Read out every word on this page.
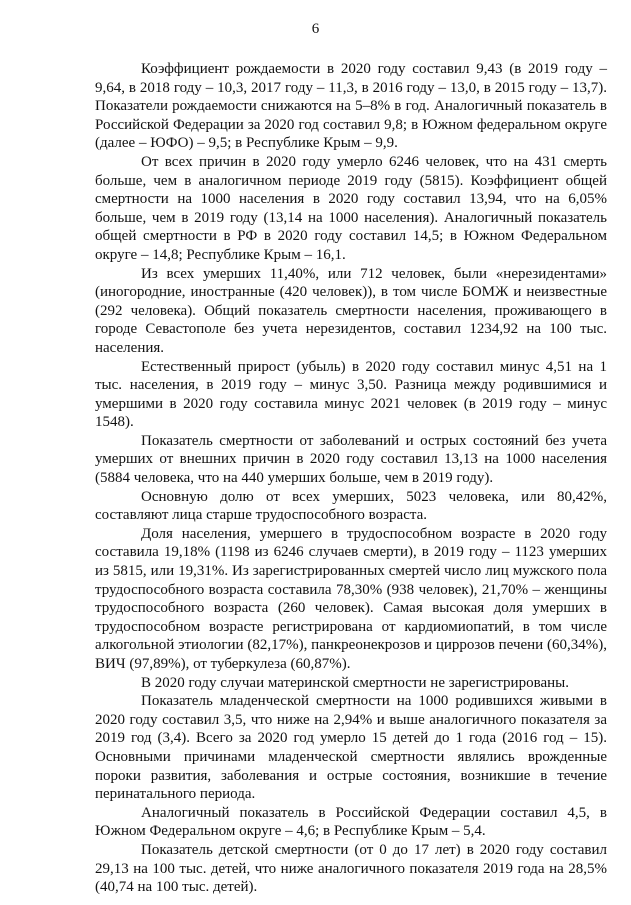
6

Коэффициент рождаемости в 2020 году составил 9,43 (в 2019 году – 9,64, в 2018 году – 10,3, 2017 году – 11,3, в 2016 году – 13,0, в 2015 году – 13,7). Показатели рождаемости снижаются на 5–8% в год. Аналогичный показатель в Российской Федерации за 2020 год составил 9,8; в Южном федеральном округе (далее – ЮФО) – 9,5; в Республике Крым – 9,9.

От всех причин в 2020 году умерло 6246 человек, что на 431 смерть больше, чем в аналогичном периоде 2019 году (5815). Коэффициент общей смертности на 1000 населения в 2020 году составил 13,94, что на 6,05% больше, чем в 2019 году (13,14 на 1000 населения). Аналогичный показатель общей смертности в РФ в 2020 году составил 14,5; в Южном Федеральном округе – 14,8; Республике Крым – 16,1.

Из всех умерших 11,40%, или 712 человек, были «нерезидентами» (иногородние, иностранные (420 человек)), в том числе БОМЖ и неизвестные (292 человека). Общий показатель смертности населения, проживающего в городе Севастополе без учета нерезидентов, составил 1234,92 на 100 тыс. населения.

Естественный прирост (убыль) в 2020 году составил минус 4,51 на 1 тыс. населения, в 2019 году – минус 3,50. Разница между родившимися и умершими в 2020 году составила минус 2021 человек (в 2019 году – минус 1548).

Показатель смертности от заболеваний и острых состояний без учета умерших от внешних причин в 2020 году составил 13,13 на 1000 населения (5884 человека, что на 440 умерших больше, чем в 2019 году).

Основную долю от всех умерших, 5023 человека, или 80,42%, составляют лица старше трудоспособного возраста.

Доля населения, умершего в трудоспособном возрасте в 2020 году составила 19,18% (1198 из 6246 случаев смерти), в 2019 году – 1123 умерших из 5815, или 19,31%. Из зарегистрированных смертей число лиц мужского пола трудоспособного возраста составила 78,30% (938 человек), 21,70% – женщины трудоспособного возраста (260 человек). Самая высокая доля умерших в трудоспособном возрасте регистрирована от кардиомиопатий, в том числе алкогольной этиологии (82,17%), панкреонекрозов и циррозов печени (60,34%), ВИЧ (97,89%), от туберкулеза (60,87%).

В 2020 году случаи материнской смертности не зарегистрированы.

Показатель младенческой смертности на 1000 родившихся живыми в 2020 году составил 3,5, что ниже на 2,94% и выше аналогичного показателя за 2019 год (3,4). Всего за 2020 год умерло 15 детей до 1 года (2016 год – 15). Основными причинами младенческой смертности являлись врожденные пороки развития, заболевания и острые состояния, возникшие в течение перинатального периода.

Аналогичный показатель в Российской Федерации составил 4,5, в Южном Федеральном округе – 4,6; в Республике Крым – 5,4.

Показатель детской смертности (от 0 до 17 лет) в 2020 году составил 29,13 на 100 тыс. детей, что ниже аналогичного показателя 2019 года на 28,5% (40,74 на 100 тыс. детей).
